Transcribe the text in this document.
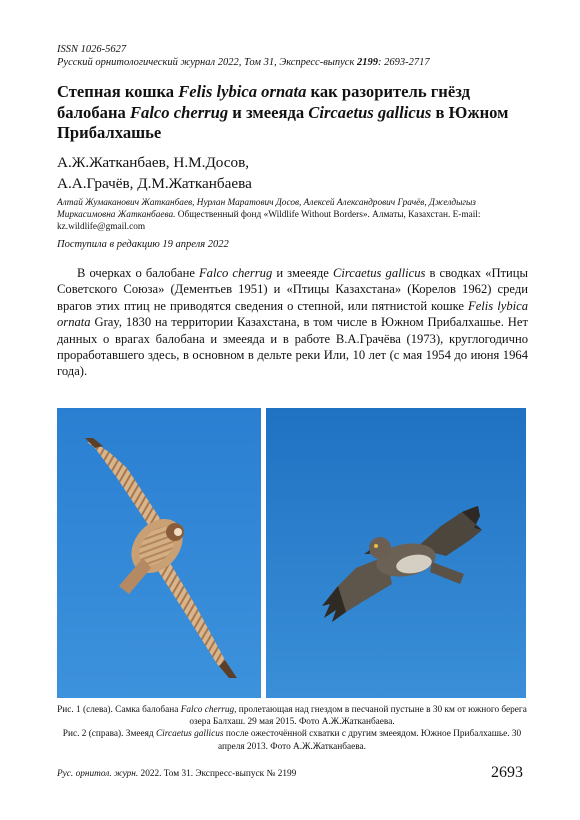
ISSN 1026-5627
Русский орнитологический журнал 2022, Том 31, Экспресс-выпуск 2199: 2693-2717
Степная кошка Felis lybica ornata как разоритель гнёзд балобана Falco cherrug и змееяда Circaetus gallicus в Южном Прибалхашье
А.Ж.Жатканбаев, Н.М.Досов,
А.А.Грачёв, Д.М.Жатканбаева
Алтай Жумаканович Жатканбаев, Нурлан Маратович Досов, Алексей Александрович Грачёв, Джелдыгыз Миркасимовна Жатканбаева. Общественный фонд «Wildlife Without Borders». Алматы, Казахстан. E-mail: kz.wildlife@gmail.com
Поступила в редакцию 19 апреля 2022

В очерках о балобане Falco cherrug и змееяде Circaetus gallicus в сводках «Птицы Советского Союза» (Дементьев 1951) и «Птицы Казахстана» (Корелов 1962) среди врагов этих птиц не приводятся сведения о степной, или пятнистой кошке Felis lybica ornata Gray, 1830 на территории Казахстана, в том числе в Южном Прибалхашье. Нет данных о врагах балобана и змееяда и в работе В.А.Грачёва (1973), круглогодично проработавшего здесь, в основном в дельте реки Или, 10 лет (с мая 1954 до июня 1964 года).

Рис. 1 (слева). Самка балобана Falco cherrug, пролетающая над гнездом в песчаной пустыне в 30 км от южного берега озера Балхаш. 29 мая 2015. Фото А.Ж.Жатканбаева.

Рис. 2 (справа). Змееяд Circaetus gallicus после ожесточённой схватки с другим змееядом. Южное Прибалхашье. 30 апреля 2013. Фото А.Ж.Жатканбаева.

Рус. орнитол. журн. 2022. Том 31. Экспресс-выпуск № 2199	2693
